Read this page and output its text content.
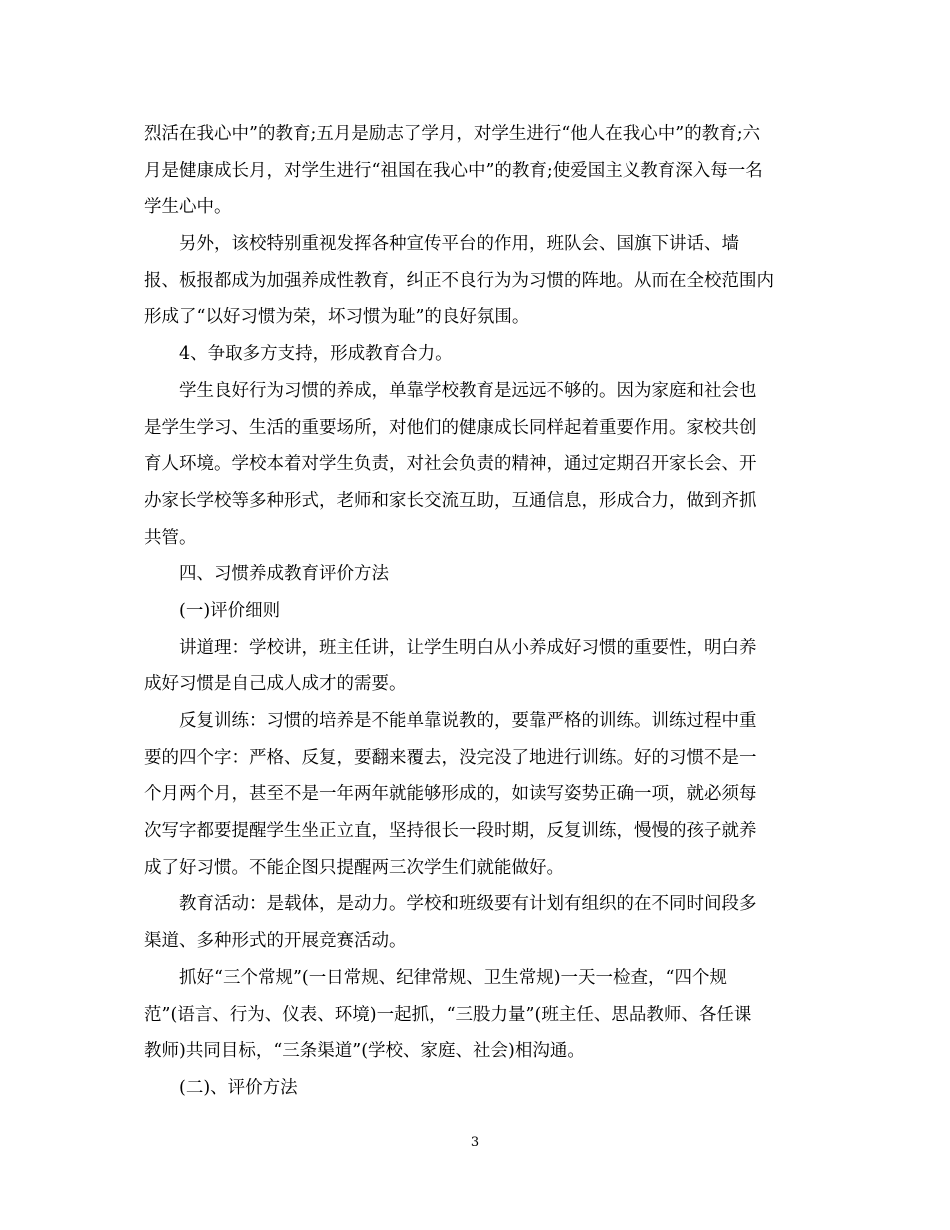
烈活在我心中”的教育;五月是励志了学月，对学生进行“他人在我心中”的教育;六
月是健康成长月，对学生进行“祖国在我心中”的教育;使爱国主义教育深入每一名
学生心中。
另外，该校特别重视发挥各种宣传平台的作用，班队会、国旗下讲话、墙
报、板报都成为加强养成性教育，纠正不良行为为习惯的阵地。从而在全校范围内
形成了“以好习惯为荣，坏习惯为耻”的良好氛围。
4、争取多方支持，形成教育合力。
学生良好行为习惯的养成，单靠学校教育是远远不够的。因为家庭和社会也
是学生学习、生活的重要场所，对他们的健康成长同样起着重要作用。家校共创
育人环境。学校本着对学生负责，对社会负责的精神，通过定期召开家长会、开
办家长学校等多种形式，老师和家长交流互助，互通信息，形成合力，做到齐抓
共管。
四、习惯养成教育评价方法
(一)评价细则
讲道理：学校讲，班主任讲，让学生明白从小养成好习惯的重要性，明白养
成好习惯是自己成人成才的需要。
反复训练：习惯的培养是不能单靠说教的，要靠严格的训练。训练过程中重
要的四个字：严格、反复，要翻来覆去，没完没了地进行训练。好的习惯不是一
个月两个月，甚至不是一年两年就能够形成的，如读写姿势正确一项，就必须每
次写字都要提醒学生坐正立直，坚持很长一段时期，反复训练，慢慢的孩子就养
成了好习惯。不能企图只提醒两三次学生们就能做好。
教育活动：是载体，是动力。学校和班级要有计划有组织的在不同时间段多
渠道、多种形式的开展竞赛活动。
抓好“三个常规”(一日常规、纪律常规、卫生常规)一天一检查，“四个规
范”(语言、行为、仪表、环境)一起抓，“三股力量”(班主任、思品教师、各任课
教师)共同目标，“三条渠道”(学校、家庭、社会)相沟通。
(二)、评价方法
3
